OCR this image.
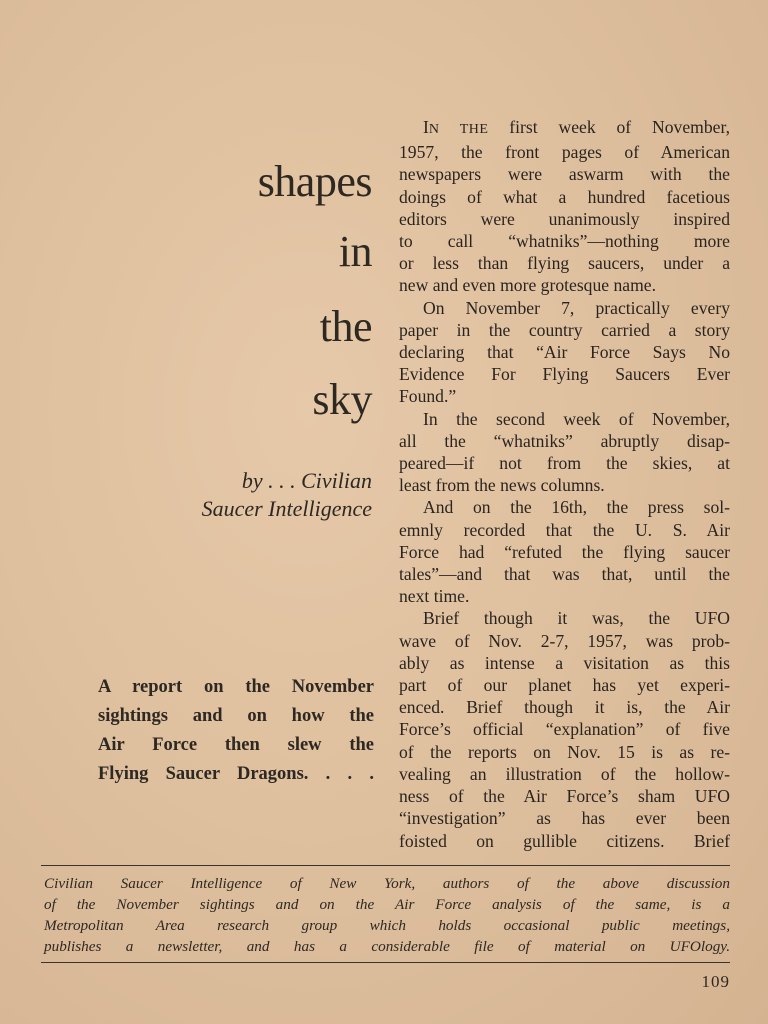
shapes
in
the
sky
by . . . Civilian
Saucer Intelligence
A report on the November
sightings and on how the
Air Force then slew the
Flying Saucer Dragons. . . .
IN THE first week of November,
1957, the front pages of American
newspapers were aswarm with the
doings of what a hundred facetious
editors were unanimously inspired
to call “whatniks”—nothing more
or less than flying saucers, under a
new and even more grotesque name.
On November 7, practically every
paper in the country carried a story
declaring that “Air Force Says No
Evidence For Flying Saucers Ever
Found.”
In the second week of November,
all the “whatniks” abruptly disap-
peared—if not from the skies, at
least from the news columns.
And on the 16th, the press sol-
emnly recorded that the U. S. Air
Force had “refuted the flying saucer
tales”—and that was that, until the
next time.
Brief though it was, the UFO
wave of Nov. 2-7, 1957, was prob-
ably as intense a visitation as this
part of our planet has yet experi-
enced. Brief though it is, the Air
Force’s official “explanation” of five
of the reports on Nov. 15 is as re-
vealing an illustration of the hollow-
ness of the Air Force’s sham UFO
“investigation” as has ever been
foisted on gullible citizens. Brief
Civilian Saucer Intelligence of New York, authors of the above discussion
of the November sightings and on the Air Force analysis of the same, is a
Metropolitan Area research group which holds occasional public meetings,
publishes a newsletter, and has a considerable file of material on UFOlogy.
109
